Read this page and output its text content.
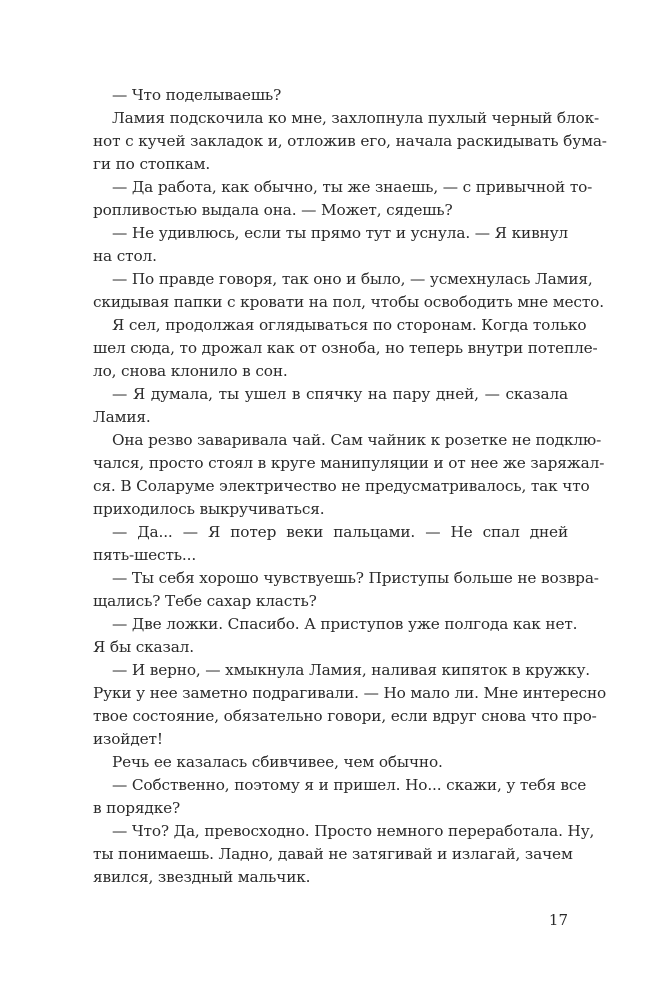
— Что поделываешь?
Ламия подскочила ко мне, захлопнула пухлый черный блок-
нот с кучей закладок и, отложив его, начала раскидывать бума-
ги по стопкам.
— Да работа, как обычно, ты же знаешь, — с привычной то-
ропливостью выдала она. — Может, сядешь?
— Не удивлюсь, если ты прямо тут и уснула. — Я кивнул
на стол.
— По правде говоря, так оно и было, — усмехнулась Ламия,
скидывая папки с кровати на пол, чтобы освободить мне место.
Я сел, продолжая оглядываться по сторонам. Когда только
шел сюда, то дрожал как от озноба, но теперь внутри потепле-
ло, снова клонило в сон.
— Я думала, ты ушел в спячку на пару дней, — сказала
Ламия.
Она резво заваривала чай. Сам чайник к розетке не подклю-
чался, просто стоял в круге манипуляции и от нее же заряжал-
ся. В Соларуме электричество не предусматривалось, так что
приходилось выкручиваться.
— Да... — Я потер веки пальцами. — Не спал дней
пять-шесть...
— Ты себя хорошо чувствуешь? Приступы больше не возвра-
щались? Тебе сахар класть?
— Две ложки. Спасибо. А приступов уже полгода как нет.
Я бы сказал.
— И верно, — хмыкнула Ламия, наливая кипяток в кружку.
Руки у нее заметно подрагивали. — Но мало ли. Мне интересно
твое состояние, обязательно говори, если вдруг снова что про-
изойдет!
Речь ее казалась сбивчивее, чем обычно.
— Собственно, поэтому я и пришел. Но... скажи, у тебя все
в порядке?
— Что? Да, превосходно. Просто немного переработала. Ну,
ты понимаешь. Ладно, давай не затягивай и излагай, зачем
явился, звездный мальчик.
17
